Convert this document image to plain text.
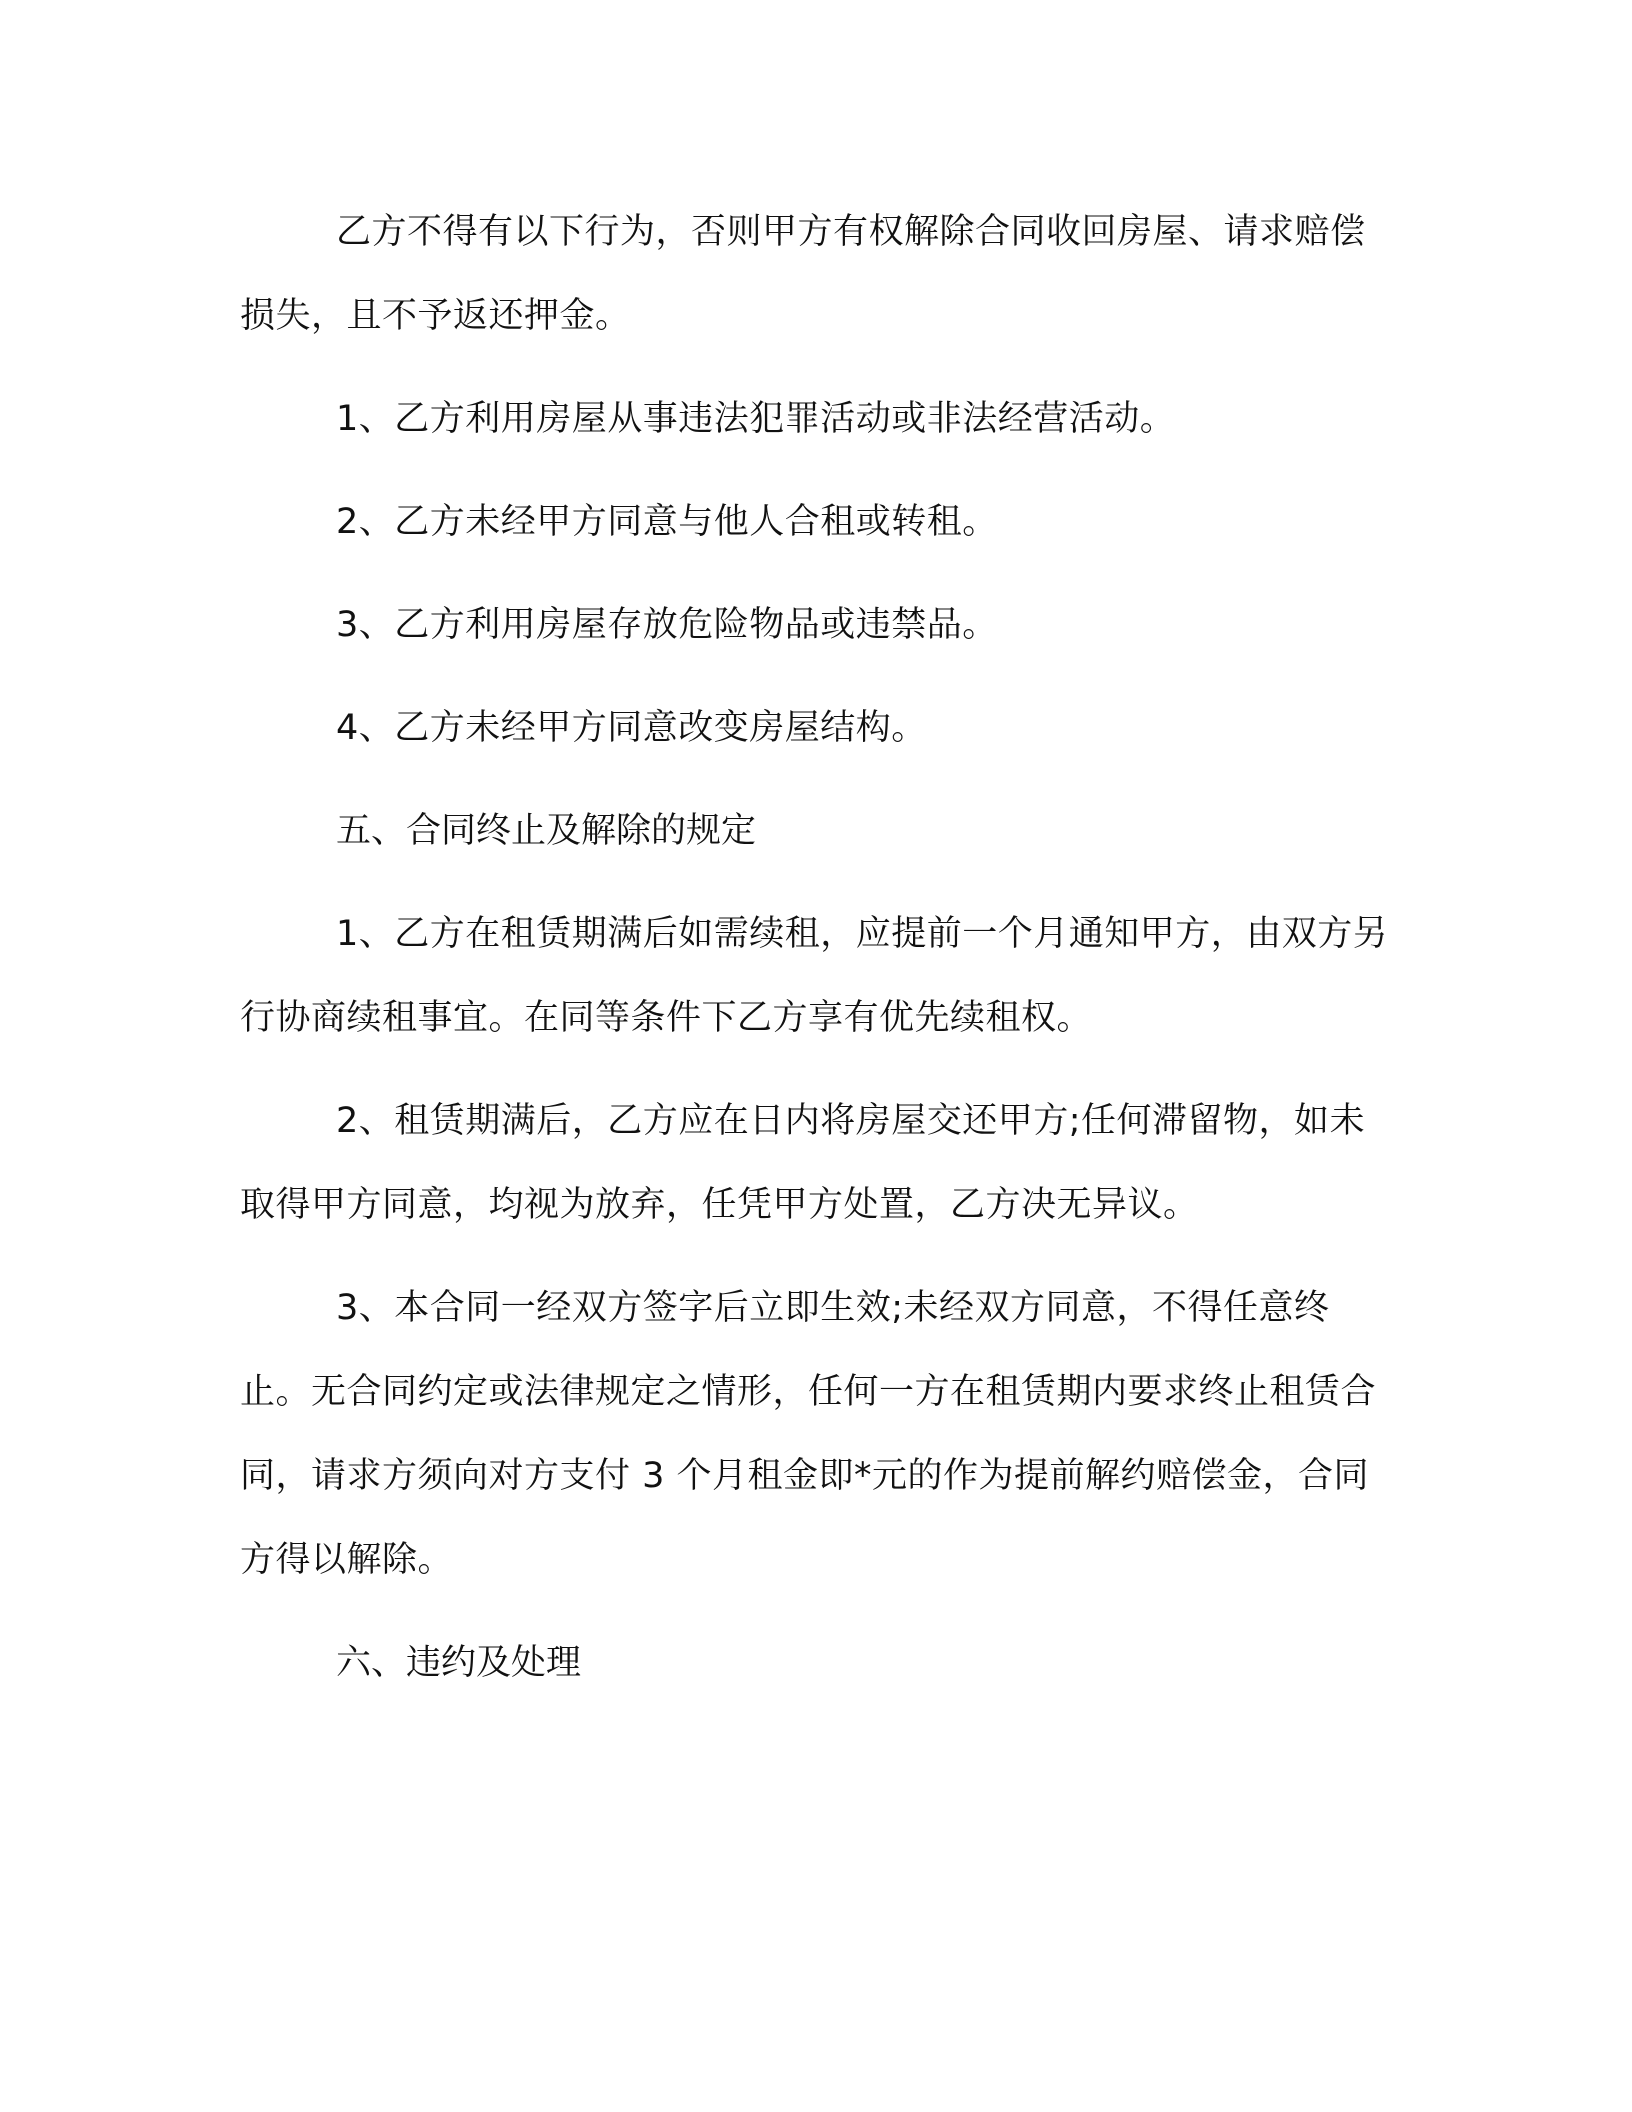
乙方不得有以下行为，否则甲方有权解除合同收回房屋、请求赔偿损失，且不予返还押金。

1、乙方利用房屋从事违法犯罪活动或非法经营活动。

2、乙方未经甲方同意与他人合租或转租。

3、乙方利用房屋存放危险物品或违禁品。

4、乙方未经甲方同意改变房屋结构。

五、合同终止及解除的规定

1、乙方在租赁期满后如需续租，应提前一个月通知甲方，由双方另行协商续租事宜。在同等条件下乙方享有优先续租权。

2、租赁期满后，乙方应在日内将房屋交还甲方;任何滞留物，如未取得甲方同意，均视为放弃，任凭甲方处置，乙方决无异议。

3、本合同一经双方签字后立即生效;未经双方同意，不得任意终止。无合同约定或法律规定之情形，任何一方在租赁期内要求终止租赁合同，请求方须向对方支付 3 个月租金即*元的作为提前解约赔偿金，合同方得以解除。

六、违约及处理
